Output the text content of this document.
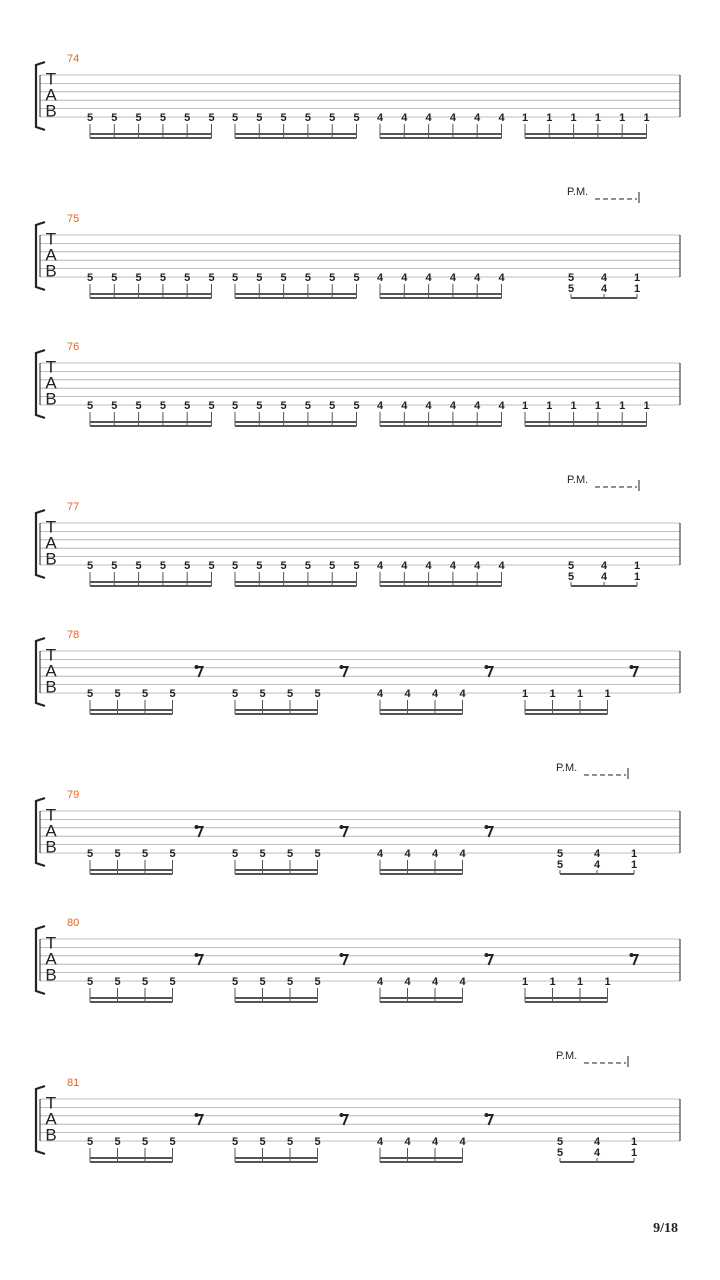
T
A
B
74
5 5 5 5 5 5 5 5 5 5 5 5 4 4 4 4 4 4 1 1 1 1 1 1
T
A
B
75
P.M.
5 5 5 5 5 5 5 5 5 5 5 5 4 4 4 4 4 4	5
5
4
4
1
1
T
A
B
76
5 5 5 5 5 5 5 5 5 5 5 5 4 4 4 4 4 4 1 1 1 1 1 1
T
A
B
77
P.M.
5 5 5 5 5 5 5 5 5 5 5 5 4 4 4 4 4 4	5
5
4
4
1
1
T
A
B
78
5 5 5 5	5 5 5 5	4 4 4 4	1 1 1 1
T
A
B
79
P.M.
5 5 5 5	5 5 5 5	4 4 4 4	5
5
4
4
1
1
T
A
B
80
5 5 5 5	5 5 5 5	4 4 4 4	1 1 1 1
T
A
B
81
P.M.
5 5 5 5	5 5 5 5	4 4 4 4	5
5
4
4
1
1
9/18
